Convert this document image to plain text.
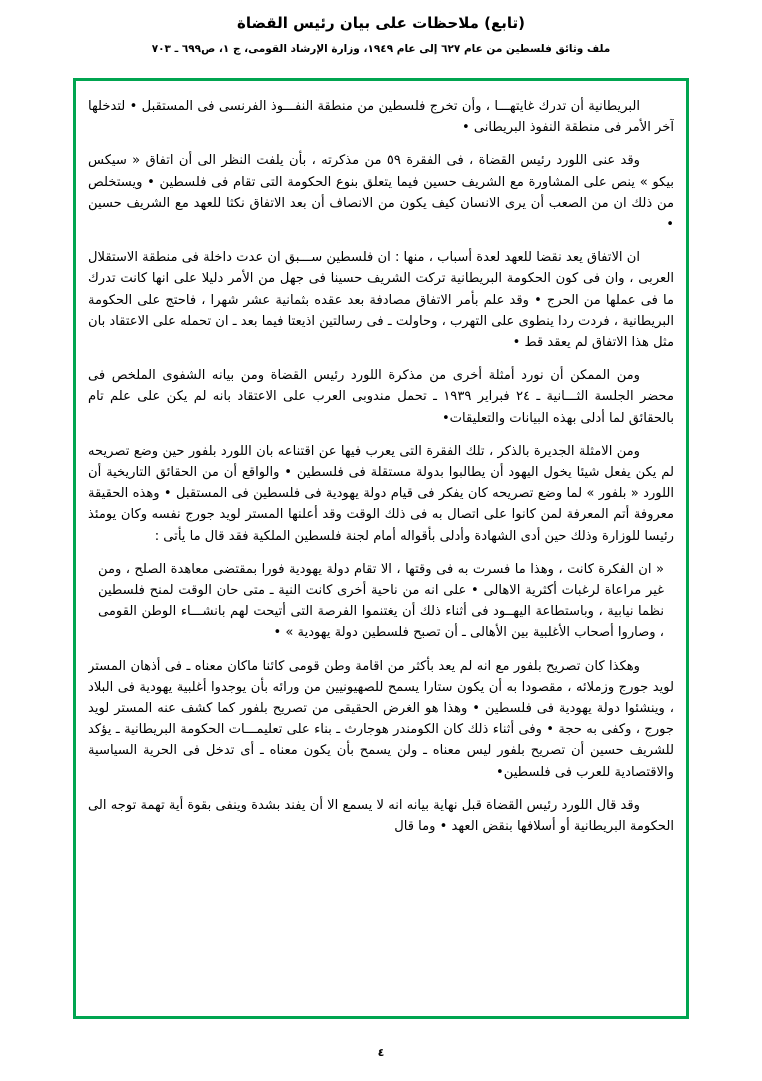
(تابع) ملاحظات على بيان رئيس القضاة
ملف وثائق فلسطين من عام ٦٢٧ إلى عام ١٩٤٩، وزارة الإرشاد القومى، ج ١، ص٦٩٩ ـ ٧٠٣

البريطانية أن تدرك غايتهـــا ، وأن تخرج فلسطين من منطقة النفـــوذ الفرنسى فى المستقبل • لتدخلها آخر الأمر فى منطقة النفوذ البريطانى •

وقد عنى اللورد رئيس القضاة ، فى الفقرة ٥٩ من مذكرته ، بأن يلفت النظر الى أن اتفاق « سيكس بيكو » ينص على المشاورة مع الشريف حسين فيما يتعلق بنوع الحكومة التى تقام فى فلسطين • ويستخلص من ذلك ان من الصعب أن يرى الانسان كيف يكون من الانصاف أن بعد الاتفاق نكثا للعهد مع الشريف حسين •

ان الاتفاق يعد نقضا للعهد لعدة أسباب ، منها : ان فلسطين ســـبق ان عدت داخلة فى منطقة الاستقلال العربى ، وان فى كون الحكومة البريطانية تركت الشريف حسينا فى جهل من الأمر دليلا على انها كانت تدرك ما فى عملها من الحرج • وقد علم بأمر الاتفاق مصادفة بعد عقده بثمانية عشر شهرا ، فاحتج على الحكومة البريطانية ، فردت ردا ينطوى على التهرب ، وحاولت ـ فى رسالتين اذيعتا فيما بعد ـ ان تحمله على الاعتقاد بان مثل هذا الاتفاق لم يعقد قط •

ومن الممكن أن نورد أمثلة أخرى من مذكرة اللورد رئيس القضاة ومن بيانه الشفوى الملخص فى محضر الجلسة الثـــانية ـ ٢٤ فبراير ١٩٣٩ ـ تحمل مندوبى العرب على الاعتقاد بانه لم يكن على علم تام بالحقائق لما أدلى بهذه البيانات والتعليقات•

ومن الامثلة الجديرة بالذكر ، تلك الفقرة التى يعرب فيها عن اقتناعه بان اللورد بلفور حين وضع تصريحه لم يكن يفعل شيئا يخول اليهود أن يطالبوا بدولة مستقلة فى فلسطين • والواقع أن من الحقائق التاريخية أن اللورد « بلفور » لما وضع تصريحه كان يفكر فى قيام دولة يهودية فى فلسطين فى المستقبل • وهذه الحقيقة معروفة أتم المعرفة لمن كانوا على اتصال به فى ذلك الوقت وقد أعلنها المستر لويد جورج نفسه وكان يومئذ رئيسا للوزارة وذلك حين أدى الشهادة وأدلى بأقواله أمام لجنة فلسطين الملكية فقد قال ما يأتى :

« ان الفكرة كانت ، وهذا ما فسرت به فى وقتها ، الا تقام دولة يهودية فورا بمقتضى معاهدة الصلح ، ومن غير مراعاة لرغبات أكثرية الاهالى • على انه من ناحية أخرى كانت النية ـ متى حان الوقت لمنح فلسطين نظما نيابية ، وباستطاعة اليهــود فى أثناء ذلك أن يغتنموا الفرصة التى أتيحت لهم بانشـــاء الوطن القومى ، وصاروا أصحاب الأغلبية بين الأهالى ـ أن تصبح فلسطين دولة يهودية » •

وهكذا كان تصريح بلفور مع انه لم يعد بأكثر من اقامة وطن قومى كائنا ماكان معناه ـ فى أذهان المستر لويد جورج وزملائه ، مقصودا به أن يكون ستارا يسمح للصهيونيين من ورائه بأن يوجدوا أغلبية يهودية فى البلاد ، وينشئوا دولة يهودية فى فلسطين • وهذا هو الغرض الحقيقى من تصريح بلفور كما كشف عنه المستر لويد جورج ، وكفى به حجة • وفى أثناء ذلك كان الكومندر هوجارث ـ بناء على تعليمـــات الحكومة البريطانية ـ يؤكد للشريف حسين أن تصريح بلفور ليس معناه ـ ولن يسمح بأن يكون معناه ـ أى تدخل فى الحرية السياسية والاقتصادية للعرب فى فلسطين•

وقد قال اللورد رئيس القضاة قبل نهاية بيانه انه لا يسمع الا أن يفند بشدة وينفى بقوة أية تهمة توجه الى الحكومة البريطانية أو أسلافها بنقض العهد • وما قال

٤
